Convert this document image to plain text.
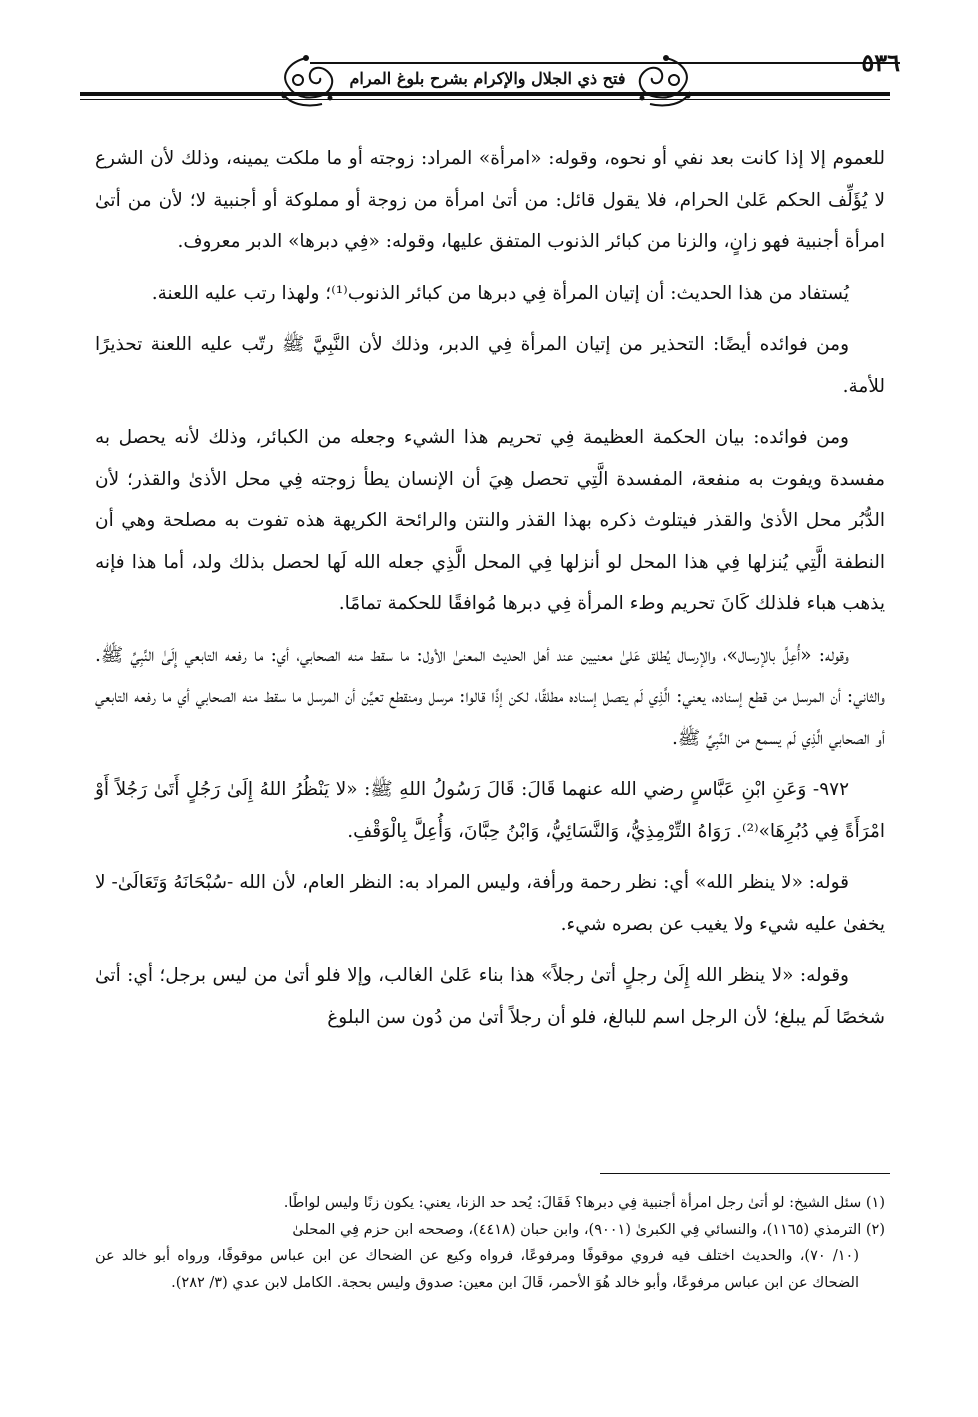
فتح ذي الجلال والإكرام بشرح بلوغ المرام
٥٣٦

للعموم إلا إذا كانت بعد نفي أو نحوه، وقوله: «امرأة» المراد: زوجته أو ما ملكت يمينه، وذلك لأن الشرع لا يُؤَلِّف الحكم عَلىٰ الحرام، فلا يقول قائل: من أتىٰ امرأة من زوجة أو مملوكة أو أجنبية لا؛ لأن من أتىٰ امرأة أجنبية فهو زانٍ، والزنا من كبائر الذنوب المتفق عليها، وقوله: «فِي دبرها» الدبر معروف.

يُستفاد من هذا الحديث: أن إتيان المرأة فِي دبرها من كبائر الذنوب⁽¹⁾؛ ولهذا رتب عليه اللعنة.

ومن فوائده أيضًا: التحذير من إتيان المرأة فِي الدبر، وذلك لأن النَّبِيَّ ﷺ رتّب عليه اللعنة تحذيرًا للأمة.

ومن فوائده: بيان الحكمة العظيمة فِي تحريم هذا الشيء وجعله من الكبائر، وذلك لأنه يحصل به مفسدة ويفوت به منفعة، المفسدة الَّتِي تحصل هِيَ أن الإنسان يطأ زوجته فِي محل الأذىٰ والقذر؛ لأن الدُّبُر محل الأذىٰ والقذر فيتلوث ذكره بهذا القذر والنتن والرائحة الكريهة هذه تفوت به مصلحة وهي أن النطفة الَّتِي يُنزلها فِي هذا المحل لو أنزلها فِي المحل الَّذِي جعله الله لَها لحصل بذلك ولد، أما هذا فإنه يذهب هباء فلذلك كَانَ تحريم وطء المرأة فِي دبرها مُوافقًا للحكمة تمامًا.

وقوله: «أُعِلَّ بالإرسال»، والإرسال يُطلق عَلىٰ معنيين عند أهل الحديث المعنىٰ الأول: ما سقط منه الصحابي، أي: ما رفعه التابعي إِلَىٰ النَّبِيِّ ﷺ. والثاني: أن المرسل من قطع إسناده، يعني: الَّذِي لَم يتصل إسناده مطلقًا، لكن إذًا قالوا: مرسل ومنقطع تعيَّن أن المرسل ما سقط منه الصحابي أي ما رفعه التابعي أو الصحابي الَّذِي لَم يسمع من النَّبِيِّ ﷺ.

٩٧٢- وَعَنِ ابْنِ عَبَّاسٍ رضي الله عنهما قَالَ: قَالَ رَسُولُ اللهِ ﷺ: «لا يَنْظُرُ اللهُ إِلَىٰ رَجُلٍ أَتَىٰ رَجُلاً أَوْ امْرَأَةً فِي دُبُرِهَا»⁽²⁾. رَوَاهُ التِّرْمِذِيُّ، وَالنَّسَائِيُّ، وَابْنُ حِبَّانَ، وَأُعِلَّ بِالْوَقْفِ.

قوله: «لا ينظر الله» أي: نظر رحمة ورأفة، وليس المراد به: النظر العام، لأن الله -سُبْحَانَهُ وَتَعَالَىٰ- لا يخفىٰ عليه شيء ولا يغيب عن بصره شيء.

وقوله: «لا ينظر الله إِلَىٰ رجلٍ أتىٰ رجلاً» هذا بناء عَلىٰ الغالب، وإلا فلو أتىٰ من ليس برجل؛ أي: أتىٰ شخصًا لَم يبلغ؛ لأن الرجل اسم للبالغ، فلو أن رجلاً أتىٰ من دُون سن البلوغ

(١) سئل الشيخ: لو أتىٰ رجل امرأة أجنبية فِي دبرها؟ فَقَالَ: يُحد حد الزنا، يعني: يكون زنًا وليس لواطًا.

(٢) الترمذي (١١٦٥)، والنسائي فِي الكبرىٰ (٩٠٠١)، وابن حبان (٤٤١٨)، وصححه ابن حزم فِي المحلىٰ

(١٠/ ٧٠)، والحديث اختلف فيه فروي موقوفًا ومرفوعًا، فرواه وكيع عن الضحاك عن ابن عباس موقوفًا، ورواه أبو خالد عن الضحاك عن ابن عباس مرفوعًا، وأبو خالد هُوَ الأحمر، قَالَ ابن معين: صدوق وليس بحجة. الكامل لابن عدي (٣/ ٢٨٢).
